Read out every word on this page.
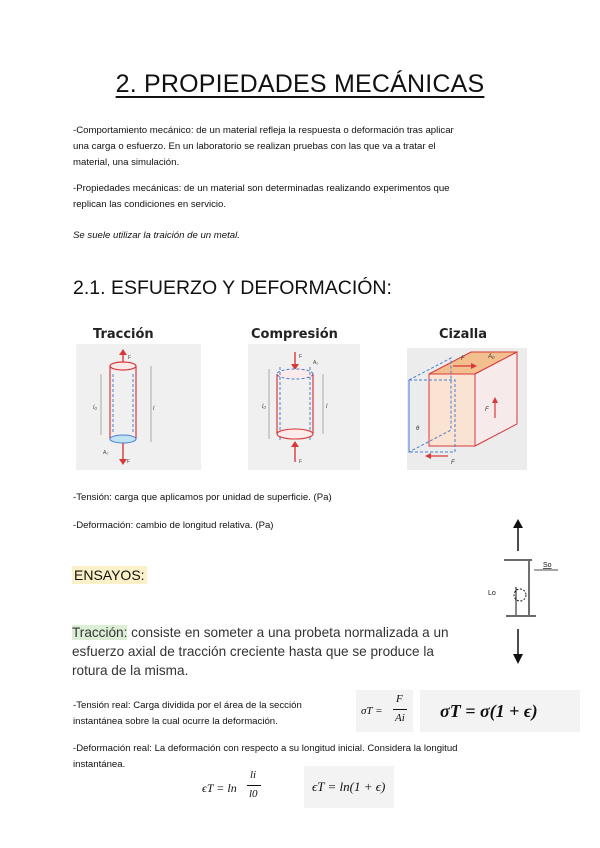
2. PROPIEDADES MECÁNICAS
-Comportamiento mecánico: de un material refleja la respuesta o deformación tras aplicar
una carga o esfuerzo. En un laboratorio se realizan pruebas con las que va a tratar el
material, una simulación.
-Propiedades mecánicas: de un material son determinadas realizando experimentos que
replican las condiciones en servicio.
Se suele utilizar la traición de un metal.
2.1. ESFUERZO Y DEFORMACIÓN:
Tracción	Compresión	Cizalla
F
l
l₀
A₀
F
F
A₀
l₀	l
F
F
F
F
A₀
θ
-Tensión: carga que aplicamos por unidad de superficie. (Pa)
-Deformación: cambio de longitud relativa. (Pa)
So
Lo
ENSAYOS:
Tracción: consiste en someter a una probeta normalizada a un
esfuerzo axial de tracción creciente hasta que se produce la
rotura de la misma.
-Tensión real: Carga dividida por el área de la sección
instantánea sobre la cual ocurre la deformación.
σT =
F
Ai σT = σ(1 + ϵ)
-Deformación real: La deformación con respecto a su longitud inicial. Considera la longitud
instantánea.
ϵT = ln
li
l0	ϵT = ln(1 + ϵ)
